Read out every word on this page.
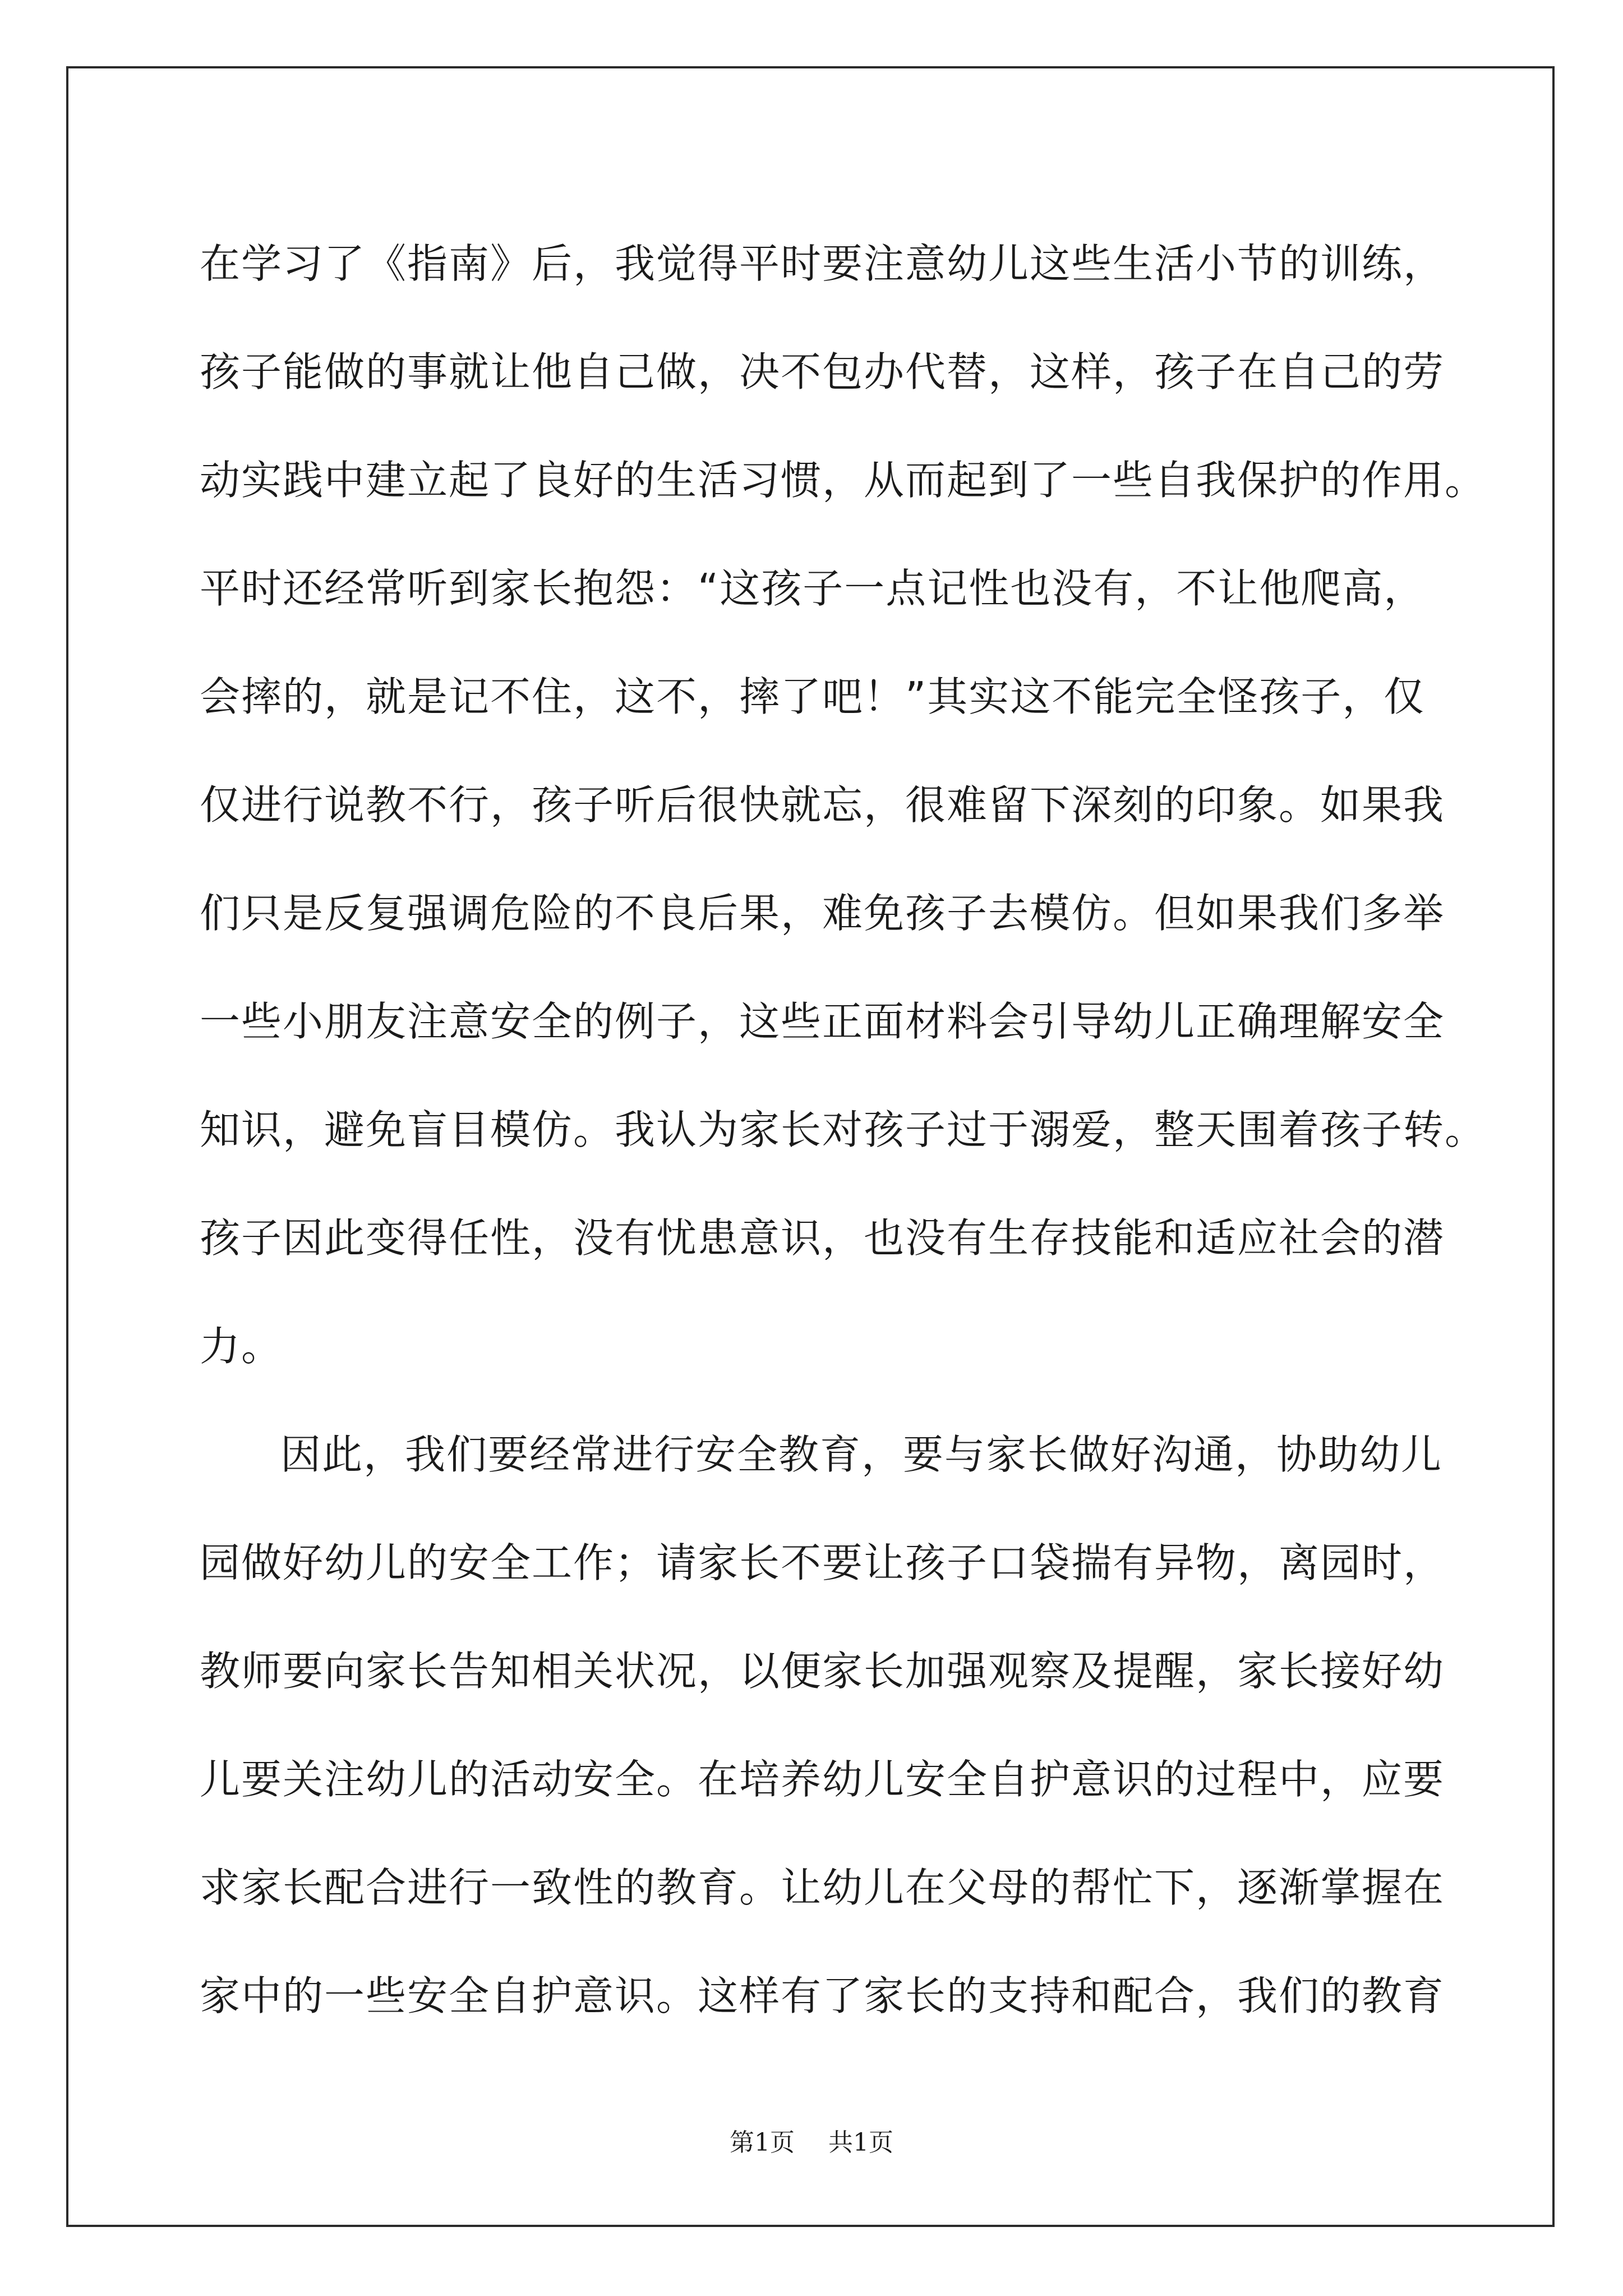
在学习了《指南》后，我觉得平时要注意幼儿这些生活小节的训练，
孩子能做的事就让他自己做，决不包办代替，这样，孩子在自己的劳
动实践中建立起了良好的生活习惯，从而起到了一些自我保护的作用。
平时还经常听到家长抱怨：“这孩子一点记性也没有，不让他爬高，
会摔的，就是记不住，这不，摔了吧！”其实这不能完全怪孩子，仅
仅进行说教不行，孩子听后很快就忘，很难留下深刻的印象。如果我
们只是反复强调危险的不良后果，难免孩子去模仿。但如果我们多举
一些小朋友注意安全的例子，这些正面材料会引导幼儿正确理解安全
知识，避免盲目模仿。我认为家长对孩子过于溺爱，整天围着孩子转。
孩子因此变得任性，没有忧患意识，也没有生存技能和适应社会的潜
力。
因此，我们要经常进行安全教育，要与家长做好沟通，协助幼儿
园做好幼儿的安全工作；请家长不要让孩子口袋揣有异物，离园时，
教师要向家长告知相关状况，以便家长加强观察及提醒，家长接好幼
儿要关注幼儿的活动安全。在培养幼儿安全自护意识的过程中，应要
求家长配合进行一致性的教育。让幼儿在父母的帮忙下，逐渐掌握在
家中的一些安全自护意识。这样有了家长的支持和配合，我们的教育
第1页 共1页
